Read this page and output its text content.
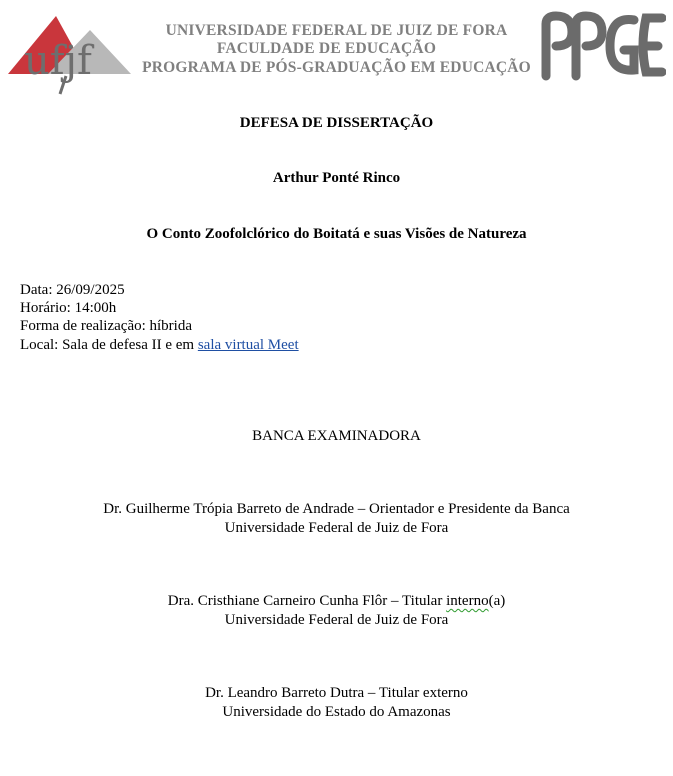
ufjf
PPGE
UNIVERSIDADE FEDERAL DE JUIZ DE FORA
FACULDADE DE EDUCAÇÃO
PROGRAMA DE PÓS-GRADUAÇÃO EM EDUCAÇÃO
DEFESA DE DISSERTAÇÃO
Arthur Ponté Rinco
O Conto Zoofolclórico do Boitatá e suas Visões de Natureza
Data: 26/09/2025
Horário: 14:00h
Forma de realização: híbrida
Local: Sala de defesa II e em sala virtual Meet
BANCA EXAMINADORA
Dr. Guilherme Trópia Barreto de Andrade – Orientador e Presidente da Banca
Universidade Federal de Juiz de Fora
Dra. Cristhiane Carneiro Cunha Flôr – Titular interno(a)
Universidade Federal de Juiz de Fora
Dr. Leandro Barreto Dutra – Titular externo
Universidade do Estado do Amazonas
